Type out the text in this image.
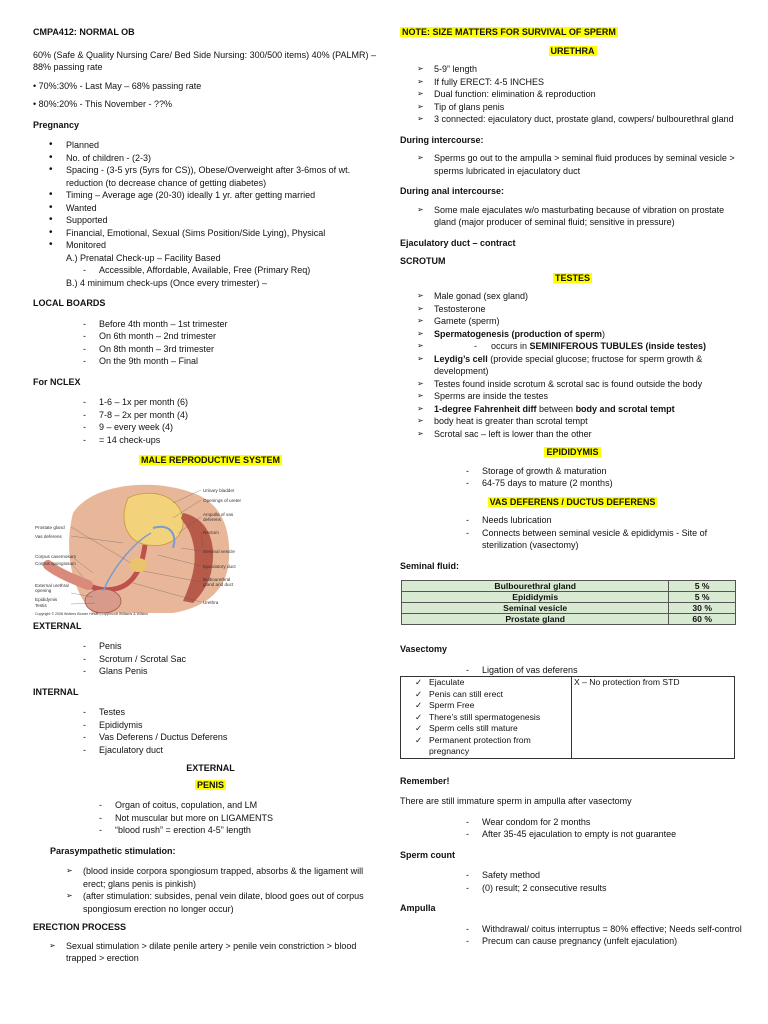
CMPA412: NORMAL OB

60% (Safe & Quality Nursing Care/ Bed Side Nursing: 300/500 items) 40% (PALMR) – 88% passing rate

• 70%:30% - Last May – 68% passing rate

• 80%:20% - This November - ??%

Pregnancy

• Planned
• No. of children - (2-3)
• Spacing - (3-5 yrs (5yrs for CS)), Obese/Overweight after 3-6mos of wt. reduction (to decrease chance of getting diabetes)
• Timing – Average age (20-30) ideally 1 yr. after getting married
• Wanted
• Supported
• Financial, Emotional, Sexual (Sims Position/Side Lying), Physical
• Monitored

A.) Prenatal Check-up – Facility Based

- Accessible, Affordable, Available, Free (Primary Req)

B.) 4 minimum check-ups (Once every trimester) –

LOCAL BOARDS

- Before 4th month – 1st trimester
- On 6th month – 2nd trimester
- On 8th month – 3rd trimester
- On the 9th month – Final

For NCLEX

- 1-6 – 1x per month (6)
- 7-8 – 2x per month (4)
- 9 – every week (4)
- = 14 check-ups

MALE REPRODUCTIVE SYSTEM

Prostate gland
Vas deferens
Corpus cavernosum
Corpus spongiosum
External urethral opening
Epididymis
Testis
Urinary bladder
Openings of ureter
Ampulla of vas deferens
Rectum
Seminal vesicle
Ejaculatory duct
Bulbourethral gland and duct
Urethra
Copyright © 2008 Wolters Kluwer Health | Lippincott Williams & Wilkins

EXTERNAL

- Penis
- Scrotum / Scrotal Sac
- Glans Penis

INTERNAL

- Testes
- Epididymis
- Vas Deferens / Ductus Deferens
- Ejaculatory duct

EXTERNAL

PENIS

- Organ of coitus, copulation, and LM
- Not muscular but more on LIGAMENTS
- “blood rush” = erection 4-5” length

Parasympathetic stimulation:

➢ (blood inside corpora spongiosum trapped, absorbs & the ligament will erect; glans penis is pinkish)
➢ (after stimulation: subsides, penal vein dilate, blood goes out of corpus spongiosum erection no longer occur)

ERECTION PROCESS

➢ Sexual stimulation > dilate penile artery > penile vein constriction > blood trapped > erection

NOTE: SIZE MATTERS FOR SURVIVAL OF SPERM

URETHRA

➢ 5-9” length
➢ If fully ERECT: 4-5 INCHES
➢ Dual function: elimination & reproduction
➢ Tip of glans penis
➢ 3 connected: ejaculatory duct, prostate gland, cowpers/ bulbourethral gland

During intercourse:

➢ Sperms go out to the ampulla > seminal fluid produces by seminal vesicle > sperms lubricated in ejaculatory duct

During anal intercourse:

➢ Some male ejaculates w/o masturbating because of vibration on prostate gland (major producer of seminal fluid; sensitive in pressure)

Ejaculatory duct – contract

SCROTUM

TESTES

➢ Male gonad (sex gland)
➢ Testosterone
➢ Gamete (sperm)
➢ Spermatogenesis (production of sperm)
➢ - occurs in SEMINIFEROUS TUBULES (inside testes)
➢ Leydig’s cell (provide special glucose; fructose for sperm growth & development)
➢ Testes found inside scrotum & scrotal sac is found outside the body
➢ Sperms are inside the testes
➢ 1-degree Fahrenheit diff between body and scrotal tempt
➢ body heat is greater than scrotal tempt
➢ Scrotal sac – left is lower than the other

EPIDIDYMIS

- Storage of growth & maturation
- 64-75 days to mature (2 months)

VAS DEFERENS / DUCTUS DEFERENS

- Needs lubrication
- Connects between seminal vesicle & epididymis - Site of sterilization (vasectomy)

Seminal fluid:

Bulbourethral gland	5 %
Epididymis	5 %
Seminal vesicle	30 %
Prostate gland	60 %

Vasectomy

- Ligation of vas deferens
✓ Ejaculate
✓ Penis can still erect
✓ Sperm Free
✓ There’s still spermatogenesis
✓ Sperm cells still mature
✓ Permanent protection from pregnancy
	X – No protection from STD

Remember!

There are still immature sperm in ampulla after vasectomy

- Wear condom for 2 months
- After 35-45 ejaculation to empty is not guarantee

Sperm count

- Safety method
- (0) result; 2 consecutive results

Ampulla

- Withdrawal/ coitus interruptus = 80% effective; Needs self-control
- Precum can cause pregnancy (unfelt ejaculation)
